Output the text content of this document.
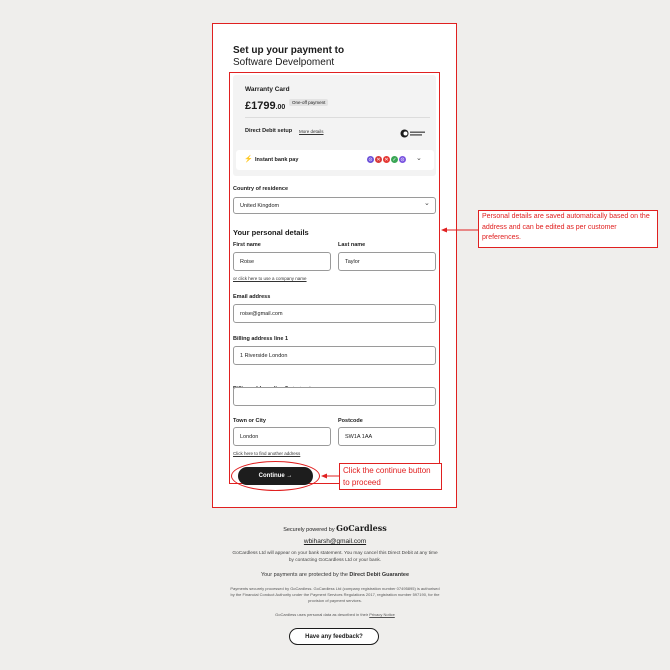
Set up your payment to
Software Develpoment
Warranty Card
£1799.00
One-off payment
Direct Debit setup More details
⚡ Instant bank pay	⊙ ✕ ✕ ✓ ⊙	⌄
Country of residence
United Kingdom	⌄
Your personal details
First name	Last name
Roise	Taylor
or click here to use a company name
Email address
roise@gmail.com
Billing address line 1
1 Riverside London
Town or City	Postcode
London	SW1A 1AA
Click here to find another address
Continue →
Personal details are saved automatically based on the address and can be edited as per customer preferences.
Click the continue button to proceed
Securely powered by GoCardless
wbiharsh@gmail.com
GoCardless Ltd will appear on your bank statement. You may cancel this Direct Debit at any time by contacting GoCardless Ltd or your bank.
Your payments are protected by the Direct Debit Guarantee
Payments securely processed by GoCardless. GoCardless Ltd (company registration number 07495895) is authorised by the Financial Conduct Authority under the Payment Services Regulations 2017, registration number 597190, for the provision of payment services.
GoCardless uses personal data as described in their Privacy Notice
Have any feedback?
